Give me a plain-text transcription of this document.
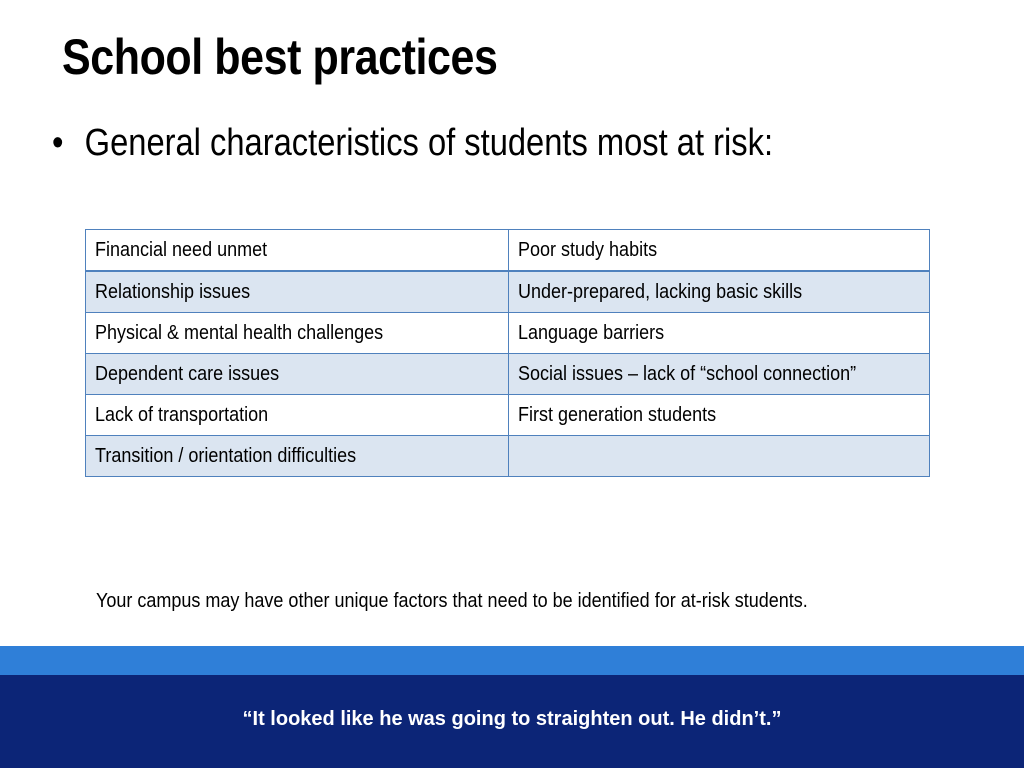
School best practices
• General characteristics of students most at risk:
Financial need unmet	Poor study habits
Relationship issues	Under-prepared, lacking basic skills
Physical & mental health challenges	Language barriers
Dependent care issues	Social issues – lack of “school connection”
Lack of transportation	First generation students
Transition / orientation difficulties	
Your campus may have other unique factors that need to be identified for at-risk students.
“It looked like he was going to straighten out. He didn’t.”
